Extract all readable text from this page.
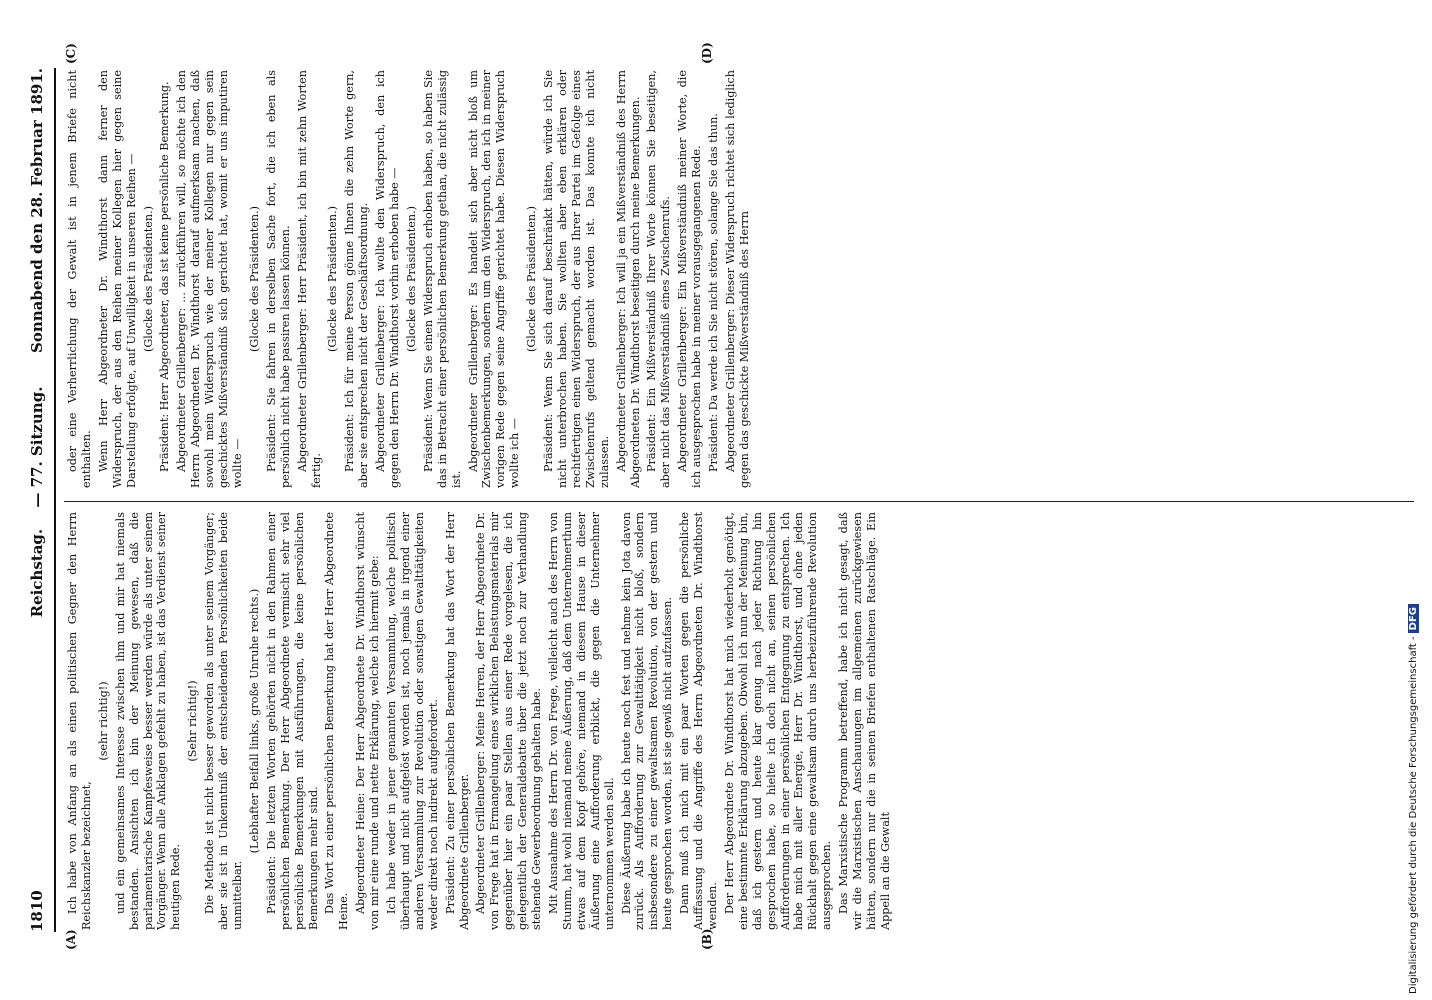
1810
Reichstag. — 77. Sitzung.
Sonnabend den 28. Februar 1891.
(A)	(B)
(C)	(D)

Ich habe von Anfang an als einen politischen Gegner den Herrn Reichskanzler bezeichnet,

(sehr richtig!) und ein gemeinsames Interesse zwischen ihm und mir hat niemals bestanden. Ansichten ich bin der Meinung gewesen, daß die parlamentarische Kampfesweise besser werden würde als unter seinem Vorgänger. Wenn alle Anklagen gefehlt zu haben, ist das Verdienst seiner heutigen Rede.

(Sehr richtig!) Die Methode ist nicht besser geworden als unter seinem Vorgänger; aber sie ist in Unkenntniß der entscheidenden Persönlichkeiten beide unmittelbar.

(Lebhafter Beifall links, große Unruhe rechts.) Präsident: Die letzten Worten gehörten nicht in den Rahmen einer persönlichen Bemerkung. Der Herr Abgeordnete vermischt sehr viel persönliche Bemerkungen mit Ausführungen, die keine persönlichen Bemerkungen mehr sind. Das Wort zu einer persönlichen Bemerkung hat der Herr Abgeordnete Heine. Abgeordneter Heine: Der Herr Abgeordnete Dr. Windthorst wünscht von mir eine runde und nette Erklärung, welche ich hiermit gebe: Ich habe weder in jener genannten Versammlung, welche politisch überhaupt und nicht aufgelöst worden ist, noch jemals in irgend einer anderen Versammlung zur Revolution oder sonstigen Gewalttätigkeiten weder direkt noch indirekt aufgefordert. Präsident: Zu einer persönlichen Bemerkung hat das Wort der Herr Abgeordnete Grillenberger. Abgeordneter Grillenberger: Meine Herren, der Herr Abgeordnete Dr. von Frege hat in Ermangelung eines wirklichen Belastungsmaterials mir gegenüber hier ein paar Stellen aus einer Rede vorgelesen, die ich gelegentlich der Generaldebatte über die jetzt noch zur Verhandlung stehende Gewerbeordnung gehalten habe. Mit Ausnahme des Herrn Dr. von Frege, vielleicht auch des Herrn von Stumm, hat wohl niemand meine Äußerung, daß dem Unternehmerthum etwas auf dem Kopf gehöre, niemand in diesem Hause in dieser Äußerung eine Aufforderung erblickt, die gegen die Unternehmer unternommen werden soll. Diese Äußerung habe ich heute noch fest und nehme kein Jota davon zurück. Als Aufforderung zur Gewalttätigkeit nicht bloß, sondern insbesondere zu einer gewaltsamen Revolution, von der gestern und heute gesprochen worden, ist sie gewiß nicht aufzufassen. Dann muß ich mich mit ein paar Worten gegen die persönliche Auffassung und die Angriffe des Herrn Abgeordneten Dr. Windthorst wenden. Der Herr Abgeordnete Dr. Windthorst hat mich wiederholt genötigt, eine bestimmte Erklärung abzugeben. Obwohl ich nun der Meinung bin, daß ich gestern und heute klar genug nach jeder Richtung hin gesprochen habe, so hielte ich doch nicht an, seinen persönlichen Aufforderungen in einer persönlichen Entgegnung zu entsprechen. Ich habe mich mit aller Energie, Herr Dr. Windthorst, und ohne jeden Rückhalt gegen eine gewaltsam durch uns herbeizuführende Revolution ausgesprochen. Das Marxistische Programm betreffend, habe ich nicht gesagt, daß wir die Marxistischen Anschauungen im allgemeinen zurückgewiesen hätten, sondern nur die in seinen Briefen enthaltenen Ratschläge. Ein Appell an die Gewalt

oder eine Verherrlichung der Gewalt ist in jenem Briefe nicht enthalten. Wenn Herr Abgeordneter Dr. Windthorst dann ferner den Widerspruch, der aus den Reihen meiner Kollegen hier gegen seine Darstellung erfolgte, auf Unwilligkeit in unseren Reihen — (Glocke des Präsidenten.) Präsident: Herr Abgeordneter, das ist keine persönliche Bemerkung. Abgeordneter Grillenberger: ... zurückführen will, so möchte ich den Herrn Abgeordneten Dr. Windthorst darauf aufmerksam machen, daß sowohl mein Widerspruch wie der meiner Kollegen nur gegen sein geschicktes Mißverständniß sich gerichtet hat, womit er uns imputiren wollte —

(Glocke des Präsidenten.) Präsident: Sie fahren in derselben Sache fort, die ich eben als persönlich nicht habe passiren lassen können. Abgeordneter Grillenberger: Herr Präsident, ich bin mit zehn Worten fertig.

(Glocke des Präsidenten.) Präsident: Ich für meine Person gönne Ihnen die zehn Worte gern, aber sie entsprechen nicht der Geschäftsordnung. Abgeordneter Grillenberger: Ich wollte den Widerspruch, den ich gegen den Herrn Dr. Windthorst vorhin erhoben habe — (Glocke des Präsidenten.) Präsident: Wenn Sie einen Widerspruch erhoben haben, so haben Sie das in Betracht einer persönlichen Bemerkung gethan, die nicht zulässig ist.

Abgeordneter Grillenberger: Es handelt sich aber nicht bloß um Zwischenbemerkungen, sondern um den Widerspruch, den ich in meiner vorigen Rede gegen seine Angriffe gerichtet habe. Diesen Widerspruch wollte ich —

(Glocke des Präsidenten.) Präsident: Wenn Sie sich darauf beschränkt hätten, würde ich Sie nicht unterbrochen haben. Sie wollten aber eben erklären oder rechtfertigen einen Widerspruch, der aus Ihrer Partei im Gefolge eines Zwischenrufs geltend gemacht worden ist. Das konnte ich nicht zulassen. Abgeordneter Grillenberger: Ich will ja ein Mißverständniß des Herrn Abgeordneten Dr. Windthorst beseitigen durch meine Bemerkungen. Präsident: Ein Mißverständniß Ihrer Worte können Sie beseitigen, aber nicht das Mißverständniß eines Zwischenrufs. Abgeordneter Grillenberger: Ein Mißverständniß meiner Worte, die ich ausgesprochen habe in meiner vorausgegangenen Rede. Präsident: Da werde ich Sie nicht stören, solange Sie das thun. Abgeordneter Grillenberger: Dieser Widerspruch richtet sich lediglich gegen das geschickte Mißverständniß des Herrn

Digitalisierung gefördert durch die Deutsche Forschungsgemeinschaft -DFG
